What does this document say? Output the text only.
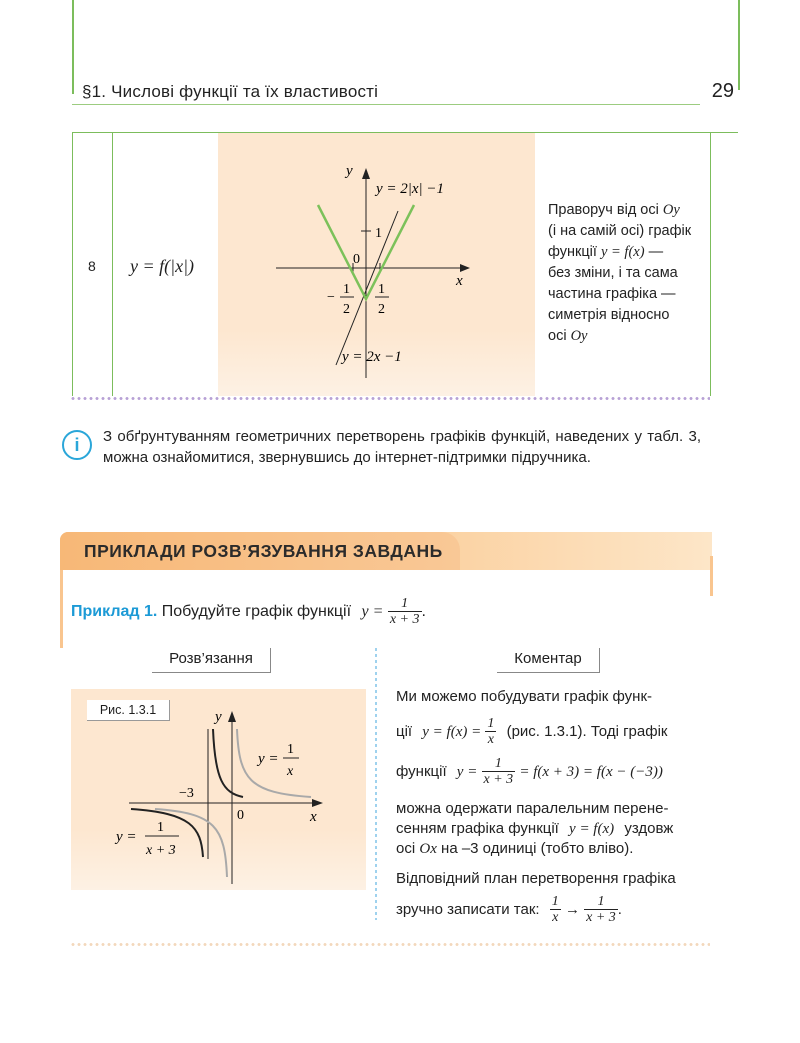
§1. Числові функції та їх властивості	29
8 y = f(|x|)
y
x
0
1
y = 2|x| −1
y = 2x −1
−
1
2
1
2
Праворуч від осі Oy
(і на самій осі) графік
функції y = f(x) —
без зміни, і та сама
частина графіка —
симетрія відносно
осі Oy
i	З обґрунтуванням геометричних перетворень графіків функцій, наведених у табл. 3, можна ознайомитися, звернувшись до інтернет-підтримки підручника.
ПРИКЛАДИ РОЗВ’ЯЗУВАННЯ ЗАВДАНЬ
Приклад 1. Побудуйте графік функції $y = \frac{1}{x + 3}$ .
Розв’язання	Коментар
Рис. 1.3.1	y
x
0
−3
y =
1
x
y =
1
x + 3
Ми можемо побудувати графік функ-
ції $y = f(x) = \frac{1}{x} (рис$. 1.3.1). Тоді графік
функції $y = \frac{1}{x + 3} = f(x + 3) = f(x - (-3))$
можна одержати паралельним перене-
сенням графіка функції y = f(x) уздовж
осі Ox на –3 одиниці (тобто вліво).
Відповідний план перетворення графіка
зручно записати так: $\frac{1}{x} \to \frac{1}{x + 3}$ .
